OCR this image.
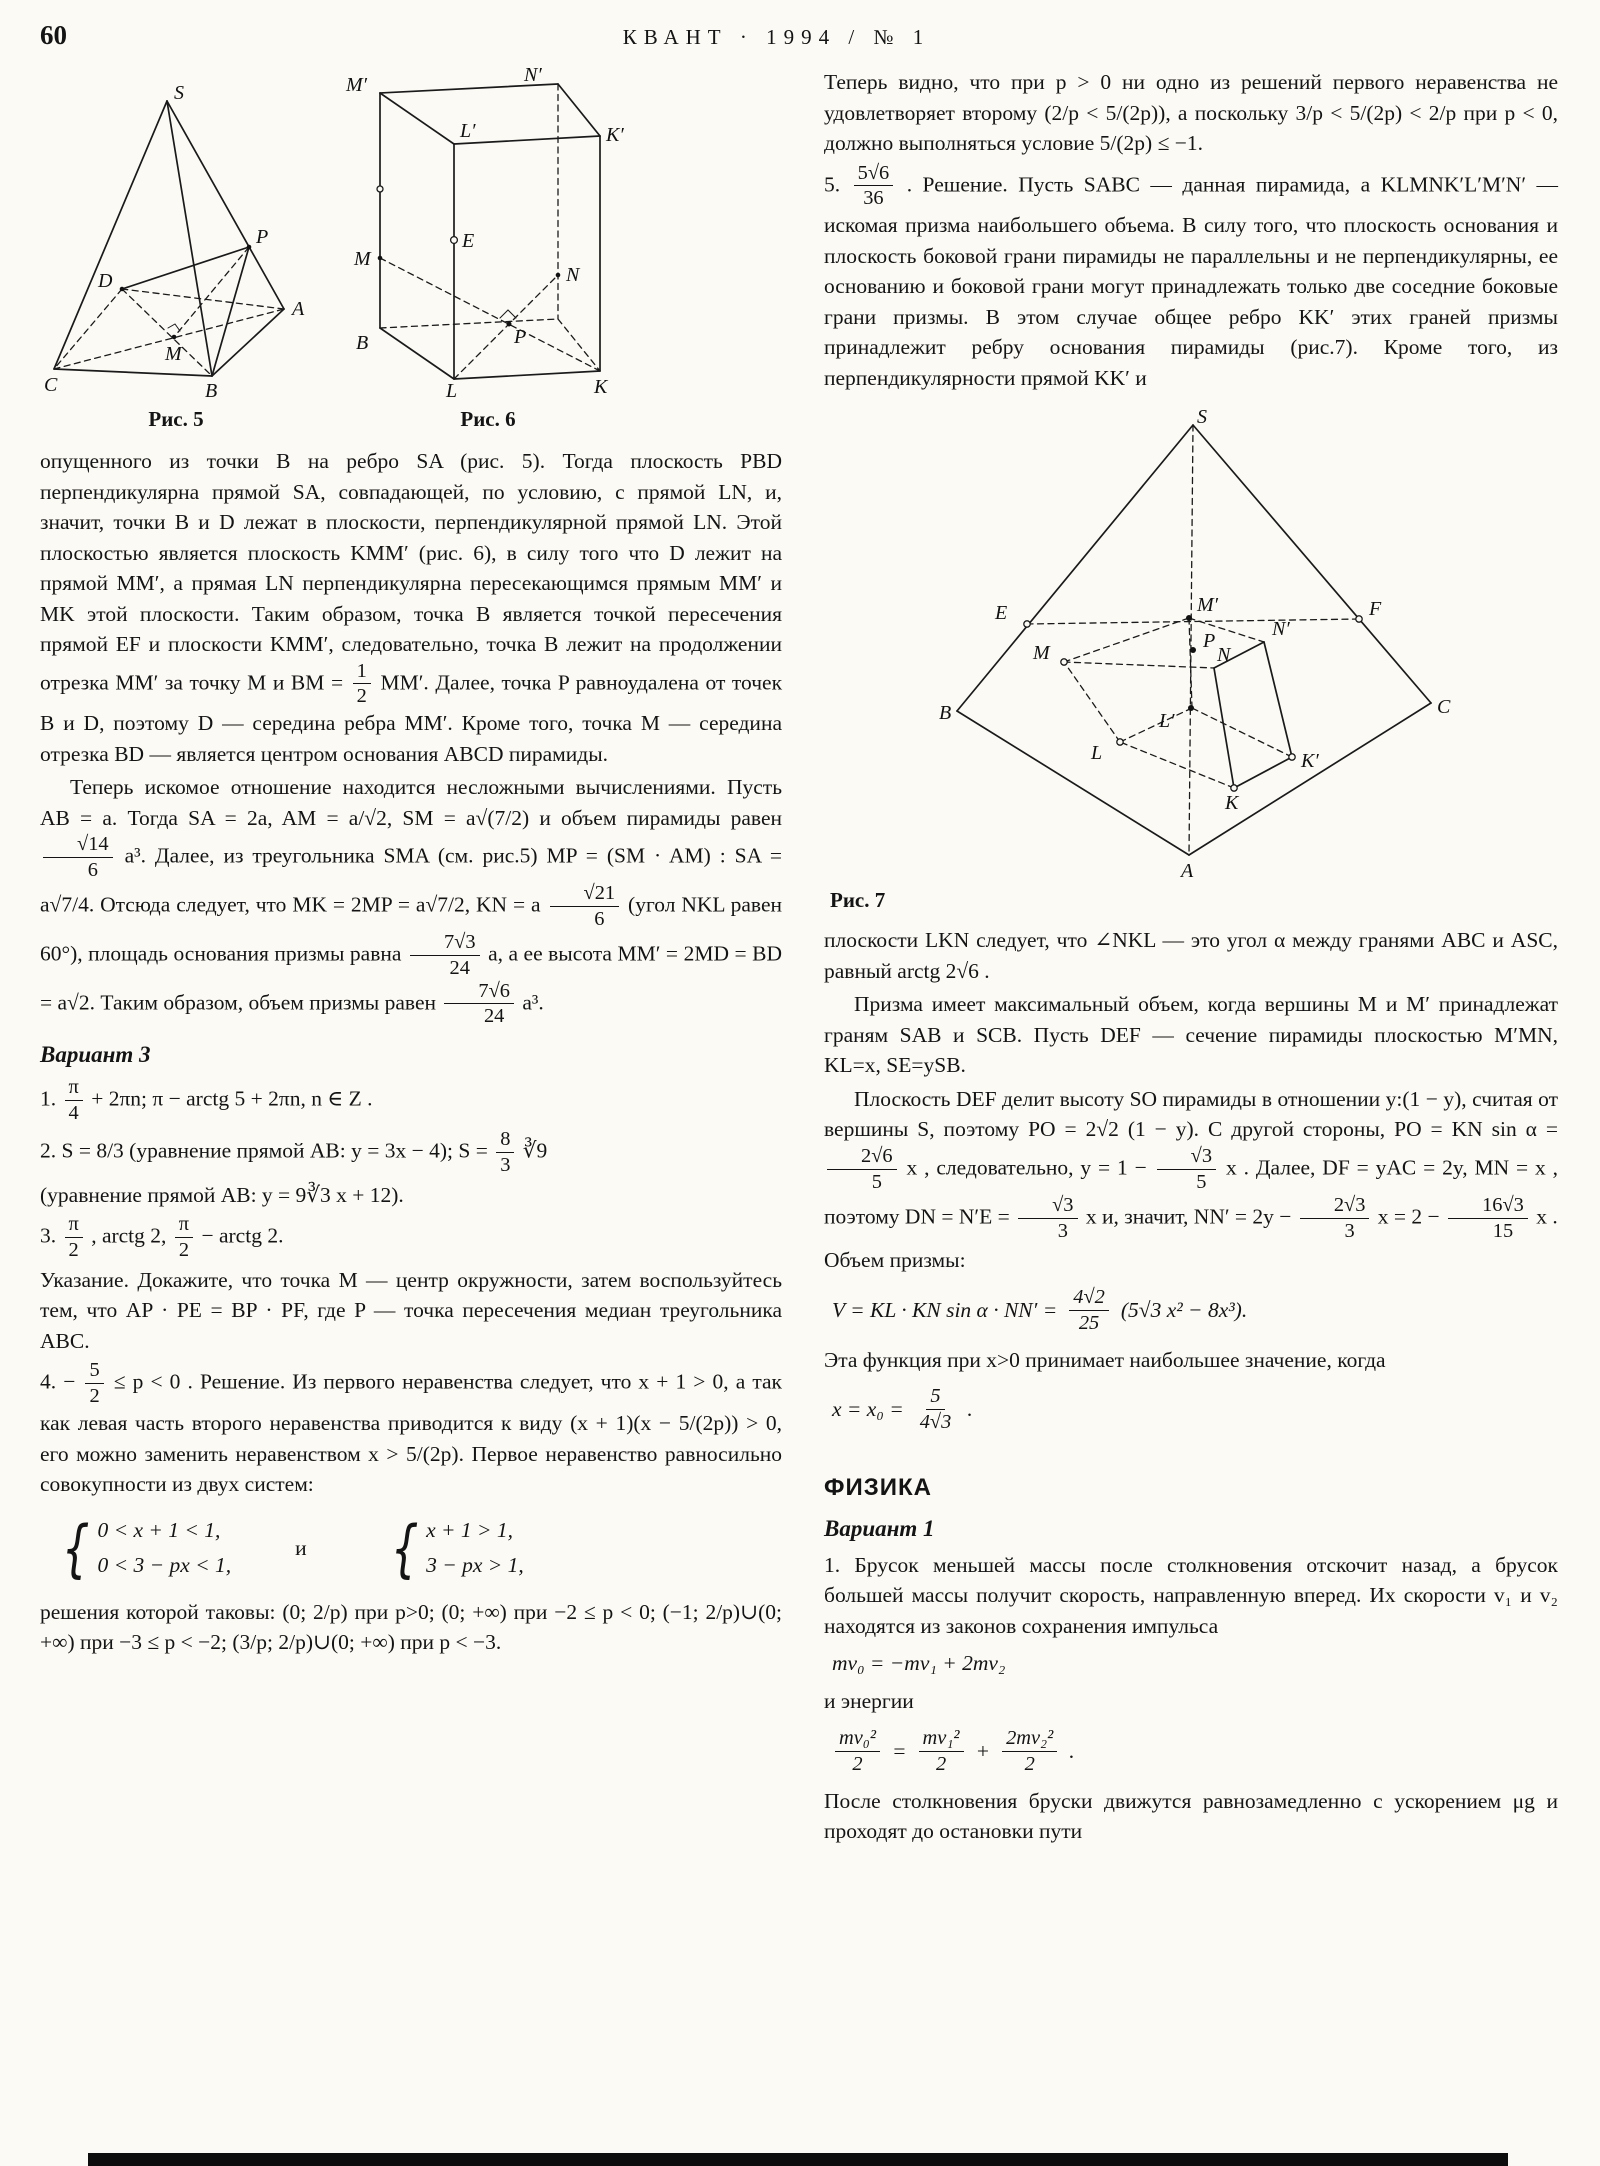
60	КВАНТ · 1994 / № 1
S
P
D
A
M
C	B
Рис. 5
M′	N′
K′
L′
E
M
N
P
B
L	K
Рис. 6

опущенного из точки B на ребро SA (рис. 5). Тогда плоскость PBD перпендикулярна прямой SA, совпадающей, по условию, с прямой LN, и, значит, точки B и D лежат в плоскости, перпендикулярной прямой LN. Этой плоскостью является плоскость KMM′ (рис. 6), в силу того что D лежит на прямой MM′, а прямая LN перпендикулярна пересекающимся прямым MM′ и MK этой плоскости. Таким образом, точка B является точкой пересечения прямой EF и плоскости KMM′, следовательно, точка B лежит на продолжении отрезка MM′ за точку M и BM = $\frac{1}{2} MM'$. Далее, точка P равноудалена от точек B и D, поэтому D — середина ребра MM′. Кроме того, точка M — середина отрезка BD — является центром основания ABCD пирамиды.

Теперь искомое отношение находится несложными вычислениями. Пусть AB = a. Тогда SA = 2a, AM = a/√2, SM = a√(7/2) и объем пирамиды равен
$\frac{√14}{6} a^3$. Далее, из треугольника SMA (см. рис.5) MP = (SM · AM) : SA = a√7/4. Отсюда следует, что MK = 2MP = a√7/2, KN = a $\frac{√21}{6}$ (угол NKL равен 60°), площадь основания призмы равна $\frac{7√3}{24} a$, а ее высота MM′ = 2MD = BD = a√2. Таким образом, объем призмы равен $\frac{7√6}{24} a^3$.

Вариант 3

1. $\frac{\pi}{4} + 2\pi n$; π − arctg 5 + 2πn, n ∈ Z .

2. S = 8/3 (уравнение прямой AB: y = 3x − 4); $S = \frac{8}{3}$ ∛9

(уравнение прямой AB: y = 9∛3 x + 12).

3. $\frac{\pi}{2}$ , arctg 2, $\frac{\pi}{2}$ − arctg 2.

Указание. Докажите, что точка M — центр окружности, затем воспользуйтесь тем, что AP · PE = BP · PF, где P — точка пересечения медиан треугольника ABC.

4. − $\frac{5}{2} \le p < 0$ . Решение. Из первого неравенства следует, что x + 1 > 0, а так как левая часть второго неравенства приводится к виду (x + 1)(x − 5/(2p)) > 0, его можно заменить неравенством x > 5/(2p). Первое неравенство равносильно совокупности из двух систем:

{ 0 < x + 1 < 1,
0 < 3 − px < 1,
и { x + 1 > 1,
3 − px > 1,

решения которой таковы: (0; 2/p) при p>0; (0; +∞) при −2 ≤ p < 0; (−1; 2/p)∪(0; +∞) при −3 ≤ p < −2; (3/p; 2/p)∪(0; +∞) при p < −3.

Теперь видно, что при p > 0 ни одно из решений первого неравенства не удовлетворяет второму (2/p < 5/(2p)), а поскольку 3/p < 5/(2p) < 2/p при p < 0, должно выполняться условие 5/(2p) ≤ −1.

5. $\frac{5√6}{36}$ . Решение. Пусть SABC — данная пирамида, а KLMNK′L′M′N′ — искомая призма наибольшего объема. В силу того, что плоскость основания и плоскость боковой грани пирамиды не параллельны и не перпендикулярны, ее основанию и боковой грани могут принадлежать только две соседние боковые грани призмы. В этом случае общее ребро KK′ этих граней призмы принадлежит ребру основания пирамиды (рис.7). Кроме того, из перпендикулярности прямой KK′ и

S
E	M′	F
M
P
N′
N
B	C
L′
L	K′
K
A
Рис. 7

плоскости LKN следует, что ∠NKL — это угол α между гранями ABC и ASC, равный arctg 2√6 .

Призма имеет максимальный объем, когда вершины M и M′ принадлежат граням SAB и SCB. Пусть DEF — сечение пирамиды плоскостью M′MN, KL=x, SE=ySB.

Плоскость DEF делит высоту SO пирамиды в отношении y:(1 − y), считая от вершины S, поэтому PO = 2√2 (1 − y). С другой стороны, PO = KN sin α =
$\frac{2√6}{5}$ x , следовательно, $y = 1 - \frac{√3}{5}$ x . Далее, DF = yAC = 2y, MN = x , поэтому DN = $N'E = \frac{√3}{3}$ x и, значит, $NN' = 2y - \frac{2√3}{3}$ $x = 2 - \frac{16√3}{15}$ x .

Объем призмы:

V = KL · KN $\sin \alpha \cdot NN' = \frac{4√2}{25} (5√3$ x² − 8x³).

Эта функция при x>0 принимает наибольшее значение, когда

$x = x_0 = \frac{5}{4√3}$ .
ФИЗИКА
Вариант 1

1. Брусок меньшей массы после столкновения отскочит назад, а брусок большей массы получит скорость, направленную вперед. Их скорости v₁ и v₂ находятся из законов сохранения импульса

mv₀ = −mv₁ + 2mv₂

и энергии

$\frac{\text{mv₀²}}{2} = \frac{\text{mv₁²}}{2} + \frac{\text{2mv₂²}}{2}$ .

После столкновения бруски движутся равнозамедленно с ускорением μg и проходят до остановки пути
